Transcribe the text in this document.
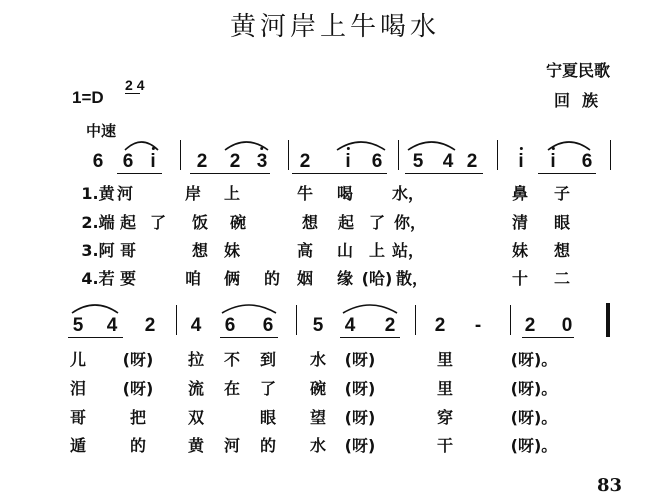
黄河岸上牛喝水
宁夏民歌
回族
1=D
2 4
中速
6 6 i 2 2 3 2 i 6 5 4 2 i i 6
1.黄 河	岸 上	牛 喝 水，	鼻 子
2.端 起 了 饭 碗	想 起 了 你，	清 眼
3.阿 哥	想 妹	高 山 上 站，	妹 想
4.若 要	咱 俩 的 姻 缘 (哈) 散，	十 二
5 4 2 4 6 6 5 4 2 2 - 2 0
儿 (呀) 拉 不 到 水 (呀)	里	(呀)。
泪 (呀) 流 在 了 碗 (呀)	里	(呀)。
哥	把	双	眼 望 (呀)	穿	(呀)。
遁	的	黄 河 的 水 (呀)	干	(呀)。
83
